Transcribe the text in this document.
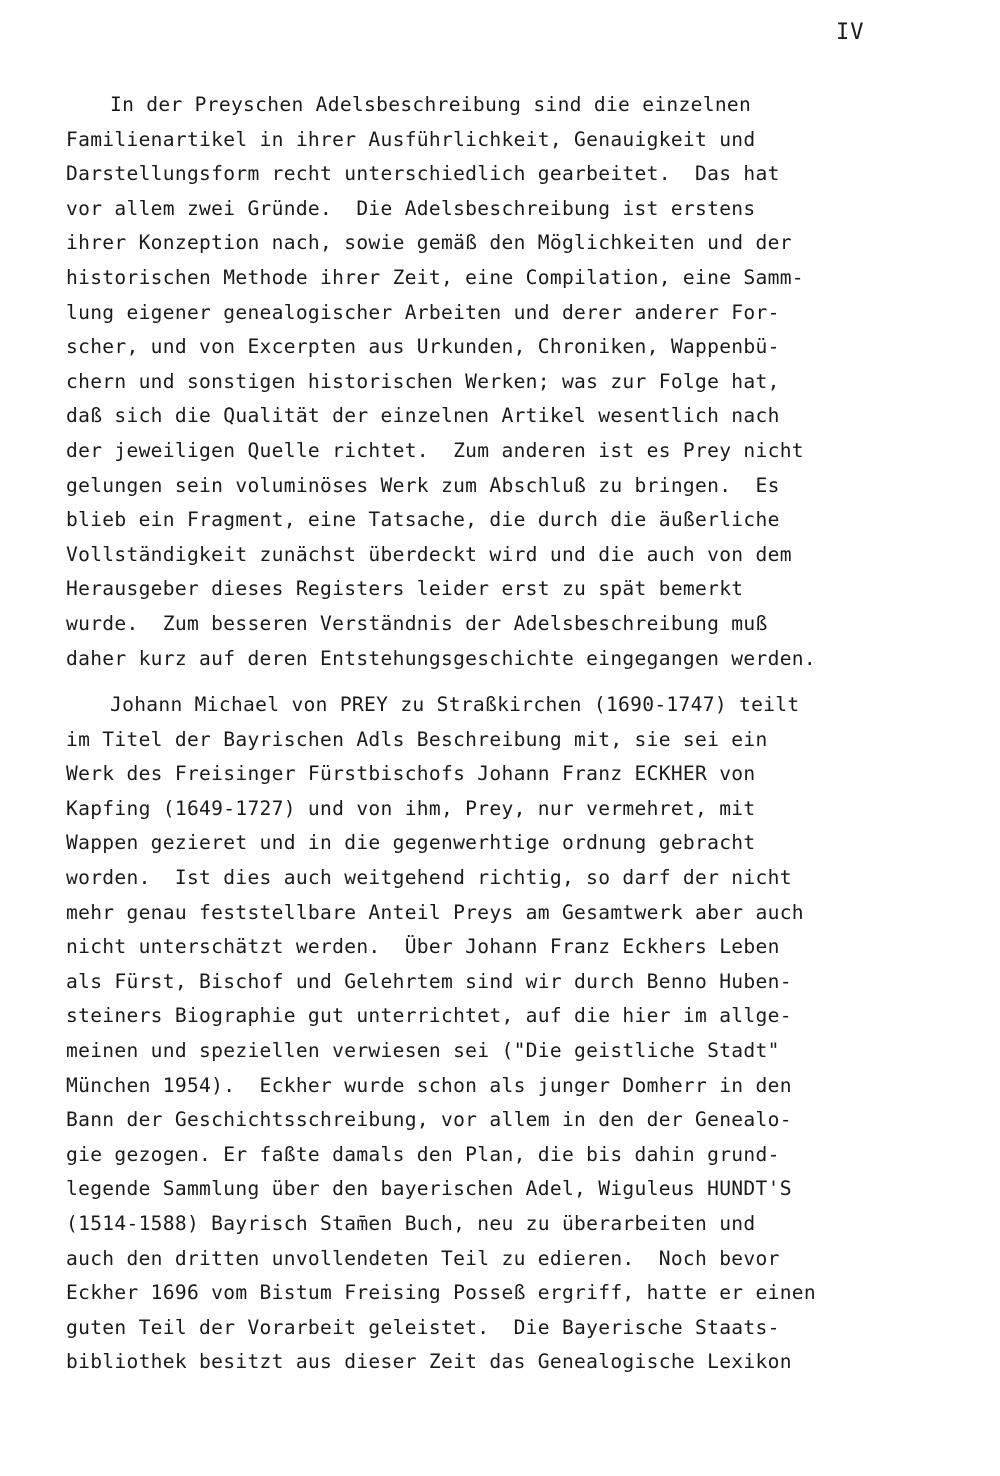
IV
In der Preyschen Adelsbeschreibung sind die einzelnen
Familienartikel in ihrer Ausführlichkeit, Genauigkeit und
Darstellungsform recht unterschiedlich gearbeitet.  Das hat
vor allem zwei Gründe.  Die Adelsbeschreibung ist erstens
ihrer Konzeption nach, sowie gemäß den Möglichkeiten und der
historischen Methode ihrer Zeit, eine Compilation, eine Samm-
lung eigener genealogischer Arbeiten und derer anderer For-
scher, und von Excerpten aus Urkunden, Chroniken, Wappenbü-
chern und sonstigen historischen Werken; was zur Folge hat,
daß sich die Qualität der einzelnen Artikel wesentlich nach
der jeweiligen Quelle richtet.  Zum anderen ist es Prey nicht
gelungen sein voluminöses Werk zum Abschluß zu bringen.  Es
blieb ein Fragment, eine Tatsache, die durch die äußerliche
Vollständigkeit zunächst überdeckt wird und die auch von dem
Herausgeber dieses Registers leider erst zu spät bemerkt
wurde.  Zum besseren Verständnis der Adelsbeschreibung muß
daher kurz auf deren Entstehungsgeschichte eingegangen werden.
Johann Michael von PREY zu Straßkirchen (1690-1747) teilt
im Titel der Bayrischen Adls Beschreibung mit, sie sei ein
Werk des Freisinger Fürstbischofs Johann Franz ECKHER von
Kapfing (1649-1727) und von ihm, Prey, nur vermehret, mit
Wappen gezieret und in die gegenwerhtige ordnung gebracht
worden.  Ist dies auch weitgehend richtig, so darf der nicht
mehr genau feststellbare Anteil Preys am Gesamtwerk aber auch
nicht unterschätzt werden.  Über Johann Franz Eckhers Leben
als Fürst, Bischof und Gelehrtem sind wir durch Benno Huben-
steiners Biographie gut unterrichtet, auf die hier im allge-
meinen und speziellen verwiesen sei ("Die geistliche Stadt"
München 1954).  Eckher wurde schon als junger Domherr in den
Bann der Geschichtsschreibung, vor allem in den der Genealo-
gie gezogen. Er faßte damals den Plan, die bis dahin grund-
legende Sammlung über den bayerischen Adel, Wiguleus HUNDT'S
(1514-1588) Bayrisch Stam̄en Buch, neu zu überarbeiten und
auch den dritten unvollendeten Teil zu edieren.  Noch bevor
Eckher 1696 vom Bistum Freising Posseß ergriff, hatte er einen
guten Teil der Vorarbeit geleistet.  Die Bayerische Staats-
bibliothek besitzt aus dieser Zeit das Genealogische Lexikon
